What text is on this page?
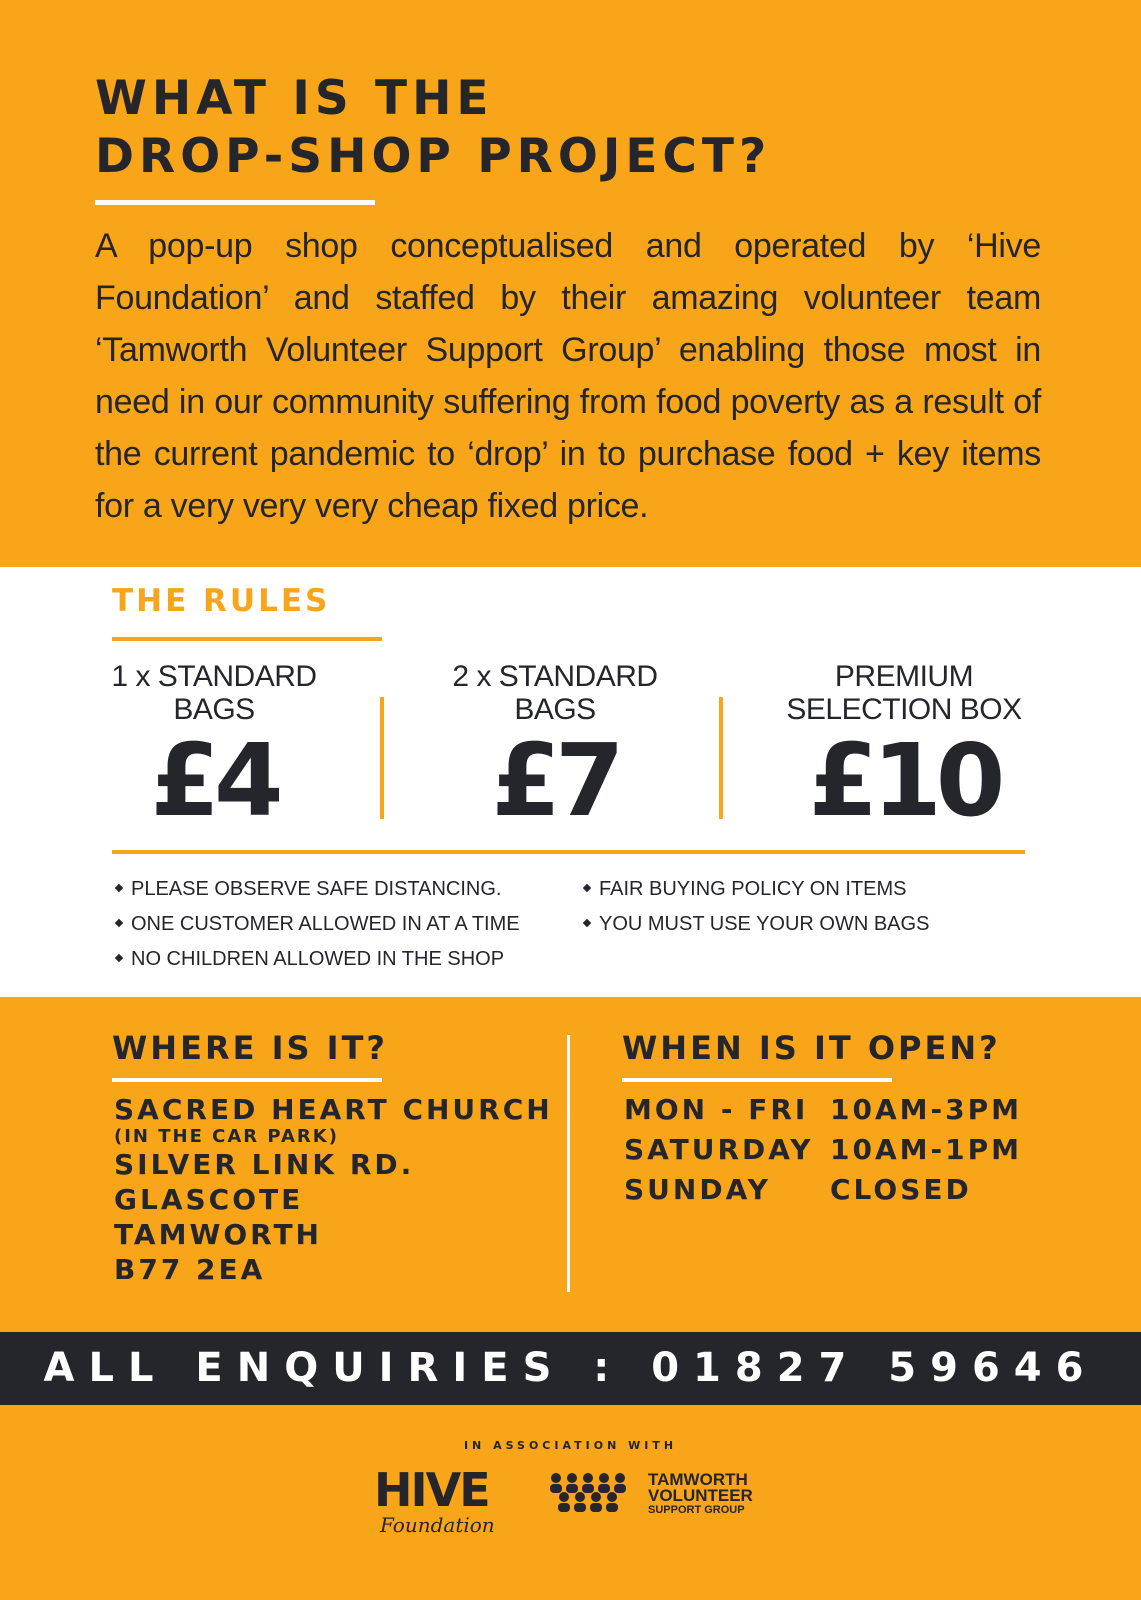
WHAT IS THE
DROP-SHOP PROJECT?

A pop-up shop conceptualised and operated by ‘Hive Foundation’ and staffed by their amazing volunteer team ‘Tamworth Volunteer Support Group’ enabling those most in need in our community suffering from food poverty as a result of the current pandemic to ‘drop’ in to purchase food + key items for a very very very cheap fixed price.

THE RULES
1 x STANDARD
BAGS
£4
2 x STANDARD
BAGS
£7
PREMIUM
SELECTION BOX
£10
PLEASE OBSERVE SAFE DISTANCING.
ONE CUSTOMER ALLOWED IN AT A TIME
NO CHILDREN ALLOWED IN THE SHOP
FAIR BUYING POLICY ON ITEMS
YOU MUST USE YOUR OWN BAGS
WHERE IS IT?
SACRED HEART CHURCH
(IN THE CAR PARK)
SILVER LINK RD.
GLASCOTE
TAMWORTH
B77 2EA
WHEN IS IT OPEN?
MON - FRI	10AM-3PM
SATURDAY	10AM-1PM
SUNDAY	CLOSED

ALL ENQUIRIES : 01827 59646

IN ASSOCIATION WITH
HIVE
Foundation

TAMWORTH
VOLUNTEER
SUPPORT GROUP
